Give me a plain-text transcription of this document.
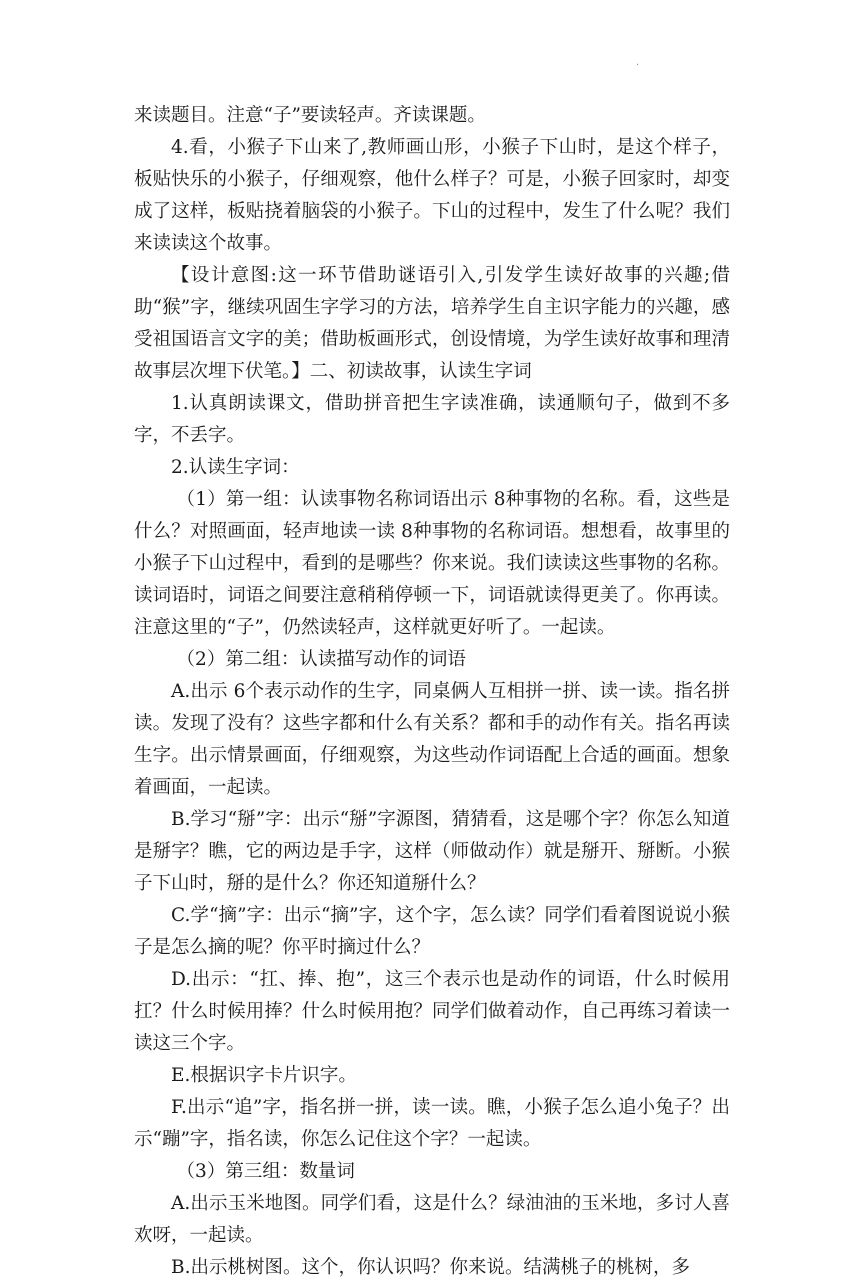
·

来读题目。注意“子”要读轻声。齐读课题。

4.看，小猴子下山来了,教师画山形，小猴子下山时，是这个样子，板贴快乐的小猴子，仔细观察，他什么样子？可是，小猴子回家时，却变成了这样，板贴挠着脑袋的小猴子。下山的过程中，发生了什么呢？我们来读读这个故事。

【设计意图:这一环节借助谜语引入,引发学生读好故事的兴趣;借助“猴”字，继续巩固生字学习的方法，培养学生自主识字能力的兴趣，感受祖国语言文字的美；借助板画形式，创设情境，为学生读好故事和理清故事层次埋下伏笔。】二、初读故事，认读生字词

1.认真朗读课文，借助拼音把生字读准确，读通顺句子，做到不多字，不丢字。

2.认读生字词：

（1）第一组：认读事物名称词语出示 8种事物的名称。看，这些是什么？对照画面，轻声地读一读 8种事物的名称词语。想想看，故事里的小猴子下山过程中，看到的是哪些？你来说。我们读读这些事物的名称。读词语时，词语之间要注意稍稍停顿一下，词语就读得更美了。你再读。注意这里的“子”，仍然读轻声，这样就更好听了。一起读。

（2）第二组：认读描写动作的词语

A.出示 6个表示动作的生字，同桌俩人互相拼一拼、读一读。指名拼读。发现了没有？这些字都和什么有关系？都和手的动作有关。指名再读生字。出示情景画面，仔细观察，为这些动作词语配上合适的画面。想象着画面，一起读。

B.学习“掰”字：出示“掰”字源图，猜猜看，这是哪个字？你怎么知道是掰字？瞧，它的两边是手字，这样（师做动作）就是掰开、掰断。小猴子下山时，掰的是什么？你还知道掰什么？

C.学“摘”字：出示“摘”字，这个字，怎么读？同学们看着图说说小猴子是怎么摘的呢？你平时摘过什么？

D.出示：“扛、捧、抱”，这三个表示也是动作的词语，什么时候用扛？什么时候用捧？什么时候用抱？同学们做着动作，自己再练习着读一读这三个字。

E.根据识字卡片识字。

F.出示“追”字，指名拼一拼，读一读。瞧，小猴子怎么追小兔子？出示“蹦”字，指名读，你怎么记住这个字？一起读。

（3）第三组：数量词

A.出示玉米地图。同学们看，这是什么？绿油油的玉米地，多讨人喜欢呀，一起读。

B.出示桃树图。这个，你认识吗？你来说。结满桃子的桃树，多
